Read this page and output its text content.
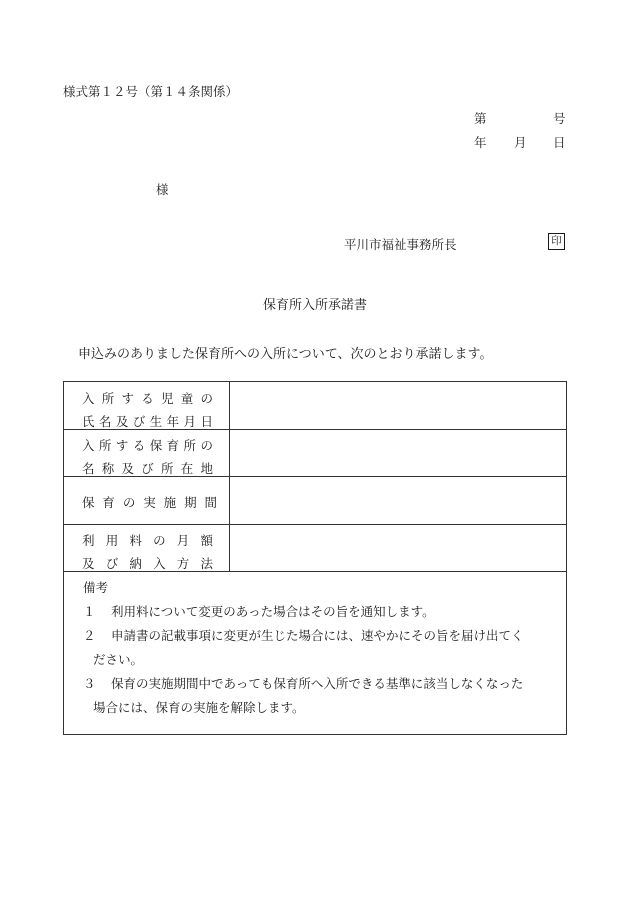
様式第１２号（第１４条関係）
第	号
年 月 日
様
平川市福祉事務所長	印
保育所入所承諾書
申込みのありました保育所への入所について、次のとおり承諾します。
入所する児童の
氏名及び生年月日
入所する保育所の
名称及び所在地
保育の実施期間
利用料の月額
及び納入方法
備考
１ 利用料について変更のあった場合はその旨を通知します。
２ 申請書の記載事項に変更が生じた場合には、速やかにその旨を届け出てく
ださい。
３ 保育の実施期間中であっても保育所へ入所できる基準に該当しなくなった
場合には、保育の実施を解除します。
